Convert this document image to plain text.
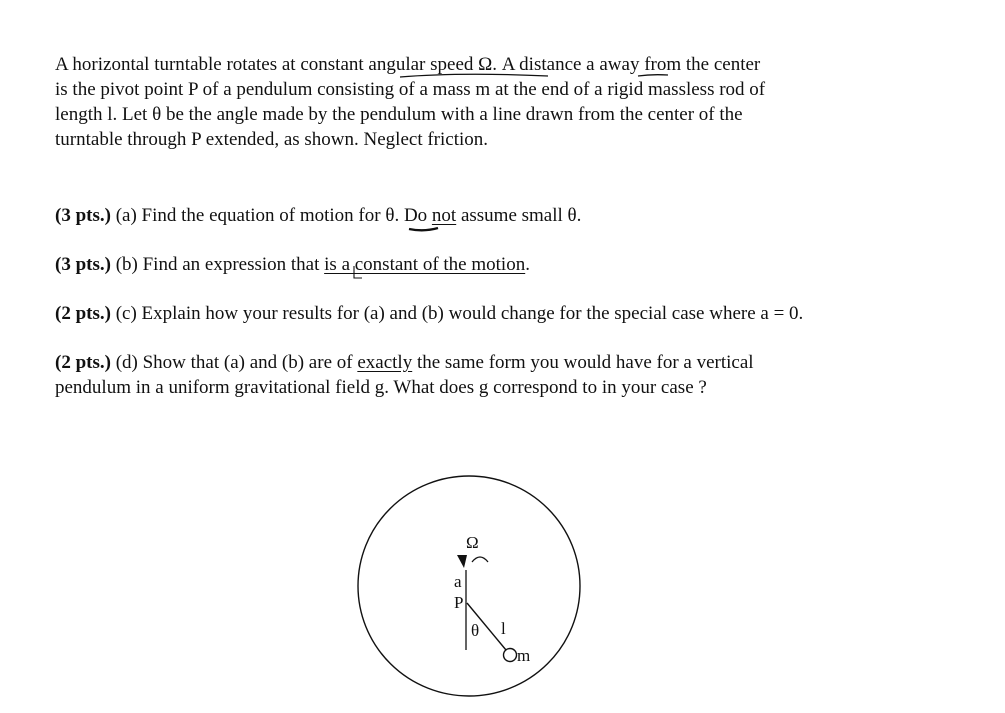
A horizontal turntable rotates at constant angular speed Ω. A distance a away from the center
is the pivot point P of a pendulum consisting of a mass m at the end of a rigid massless rod of
length l. Let θ be the angle made by the pendulum with a line drawn from the center of the
turntable through P extended, as shown. Neglect friction.
(3 pts.) (a) Find the equation of motion for θ. Do not assume small θ.
(3 pts.) (b) Find an expression that is a constant of the motion.
(2 pts.) (c) Explain how your results for (a) and (b) would change for the special case where a = 0.
(2 pts.) (d) Show that (a) and (b) are of exactly the same form you would have for a vertical
pendulum in a uniform gravitational field g. What does g correspond to in your case ?
Ω
a
P
θ l
m
